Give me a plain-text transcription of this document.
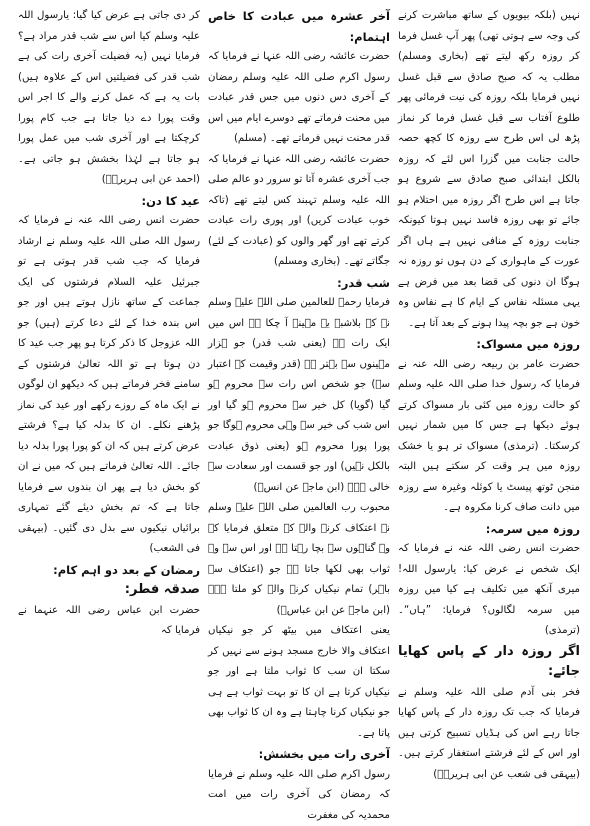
نہیں (بلکہ بیویوں کے ساتھ مباشرت کرنے کی وجہ سے ہوتی تھی) پھر آپ غسل فرما کر روزہ رکھ لیتے تھے (بخاری ومسلم) مطلب یہ کہ صبح صادق سے قبل غسل نہیں فرمایا بلکہ روزہ کی نیت فرمائی پھر طلوع آفتاب سے قبل غسل فرما کر نماز پڑھ لی اس طرح سے روزہ کا کچھ حصہ حالت جنابت میں گزرا اس لئے کہ روزہ بالکل ابتدائی صبح صادق سے شروع ہو جاتا ہے اس طرح اگر روزہ میں احتلام ہو جائے تو بھی روزہ فاسد نہیں ہوتا کیونکہ جنابت روزہ کے منافی نہیں ہے ہاں اگر عورت کے ماہواری کے دن ہوں تو روزہ نہ ہوگا ان دنوں کی قضا بعد میں فرض ہے یہی مسئلہ نفاس کے ایام کا ہے نفاس وہ خون ہے جو بچہ پیدا ہونے کے بعد آتا ہے۔

روزہ میں مسواک:

حضرت عامر بن ربیعہ رضی اللہ عنہ نے فرمایا کہ رسول خدا صلی اللہ علیہ وسلم کو حالت روزہ میں کئی بار مسواک کرتے ہوئے دیکھا ہے جس کا میں شمار نہیں کرسکتا۔ (ترمذی) مسواک تر ہو یا خشک روزہ میں ہر وقت کر سکتے ہیں البتہ منجن ٹوتھ پیسٹ یا کوئلہ وغیرہ سے روزہ میں دانت صاف کرنا مکروہ ہے۔

روزہ میں سرمہ:

حضرت انس رضی اللہ عنہ نے فرمایا کہ ایک شخص نے عرض کیا: یارسول اللہ! میری آنکھ میں تکلیف ہے کیا میں روزہ میں سرمہ لگالوں؟ فرمایا: ”ہاں“۔ (ترمذی)

اگر روزہ دار کے پاس کھایا جائے:

فخر بنی آدم صلی اللہ علیہ وسلم نے فرمایا کہ جب تک روزہ دار کے پاس کھایا جاتا رہے اس کی ہڈیاں تسبیح کرتی ہیں اور اس کے لئے فرشتے استغفار کرتے ہیں۔ (بیہقی فی شعب عن ابی ہریرہؓ)

آخر عشرہ میں عبادت کا خاص اہتمام:

حضرت عائشہ رضی اللہ عنہا نے فرمایا کہ رسول اکرم صلی اللہ علیہ وسلم رمضان کے آخری دس دنوں میں جس قدر عبادت میں محنت فرماتے تھے دوسرے ایام میں اس قدر محنت نہیں فرماتے تھے۔ (مسلم)

حضرت عائشہ رضی اللہ عنہا نے فرمایا کہ جب آخری عشرہ آتا تو سرور دو عالم صلی اللہ علیہ وسلم تہبند کس لیتے تھے (تاکہ خوب عبادت کریں) اور پوری رات عبادت کرتے تھے اور گھر والوں کو (عبادت کے لئے) جگاتے تھے۔ (بخاری ومسلم)

شب قدر:

فرمایا رحمۃ للعالمین صلی اللہ علیہ وسلم نے کہ بلاشبہ یہ مہینہ آ چکا ہے اس میں ایک رات ہے (یعنی شب قدر) جو ہزار مہینوں سے بہتر ہے (قدر وقیمت کے اعتبار سے) جو شخص اس رات سے محروم ہو گیا (گویا) کل خیر سے محروم ہو گیا اور اس شب کی خیر سے وہی محروم ہوگا جو پورا پورا محروم ہو (یعنی ذوق عبادت بالکل نہیں) اور جو قسمت اور سعادت سے خالی ہے۔ (ابن ماجہ عن انسؓ)

محبوب رب العالمین صلی اللہ علیہ وسلم نے اعتکاف کرنے والے کے متعلق فرمایا کہ وہ گناہوں سے بچا رہتا ہے اور اس سے وہ ثواب بھی لکھا جاتا ہے جو (اعتکاف سے باہر) تمام نیکیاں کرنے والے کو ملتا ہے۔ (ابن ماجہ عن ابن عباسؓ)

یعنی اعتکاف میں بیٹھ کر جو نیکیاں اعتکاف والا خارج مسجد ہونے سے نہیں کر سکتا ان سب کا ثواب ملتا ہے اور جو نیکیاں کرتا ہے ان کا تو بہت ثواب ہے ہی جو نیکیاں کرنا چاہتا ہے وہ ان کا ثواب بھی پاتا ہے۔

آخری رات میں بخشش:

رسول اکرم صلی اللہ علیہ وسلم نے فرمایا کہ رمضان کی آخری رات میں امت محمدیہ کی مغفرت

کر دی جاتی ہے عرض کیا گیا: یارسول اللہ علیہ وسلم کیا اس سے شب قدر مراد ہے؟ فرمایا نہیں (یہ فضیلت آخری رات کی ہے شب قدر کی فضیلتیں اس کے علاوہ ہیں) بات یہ ہے کہ عمل کرنے والے کا اجر اس وقت پورا دے دیا جاتا ہے جب کام پورا کرچکتا ہے اور آخری شب میں عمل پورا ہو جاتا ہے لہٰذا بخشش ہو جاتی ہے۔ (احمد عن ابی ہریرہؓ)

عید کا دن:

حضرت انس رضی اللہ عنہ نے فرمایا کہ رسول اللہ صلی اللہ علیہ وسلم نے ارشاد فرمایا کہ جب شب قدر ہوتی ہے تو جبرئیل علیہ السلام فرشتوں کی ایک جماعت کے ساتھ نازل ہوتے ہیں اور جو اس بندہ خدا کے لئے دعا کرتے (ہیں) جو اللہ عزوجل کا ذکر کرتا ہو پھر جب عید کا دن ہوتا ہے تو اللہ تعالیٰ فرشتوں کے سامنے فخر فرماتے ہیں کہ دیکھو ان لوگوں نے ایک ماہ کے روزے رکھے اور عید کی نماز پڑھنے نکلے۔ ان کا بدلہ کیا ہے؟ فرشتے عرض کرتے ہیں کہ ان کو پورا پورا بدلہ دیا جائے۔ اللہ تعالیٰ فرماتے ہیں کہ میں نے ان کو بخش دیا ہے پھر ان بندوں سے فرمایا جاتا ہے کہ تم بخش دیئے گئے تمہاری برائیاں نیکیوں سے بدل دی گئیں۔ (بیہقی فی الشعب)

رمضان کے بعد دو اہم کام:

صدقہ فطر:

حضرت ابن عباس رضی اللہ عنہما نے فرمایا کہ
